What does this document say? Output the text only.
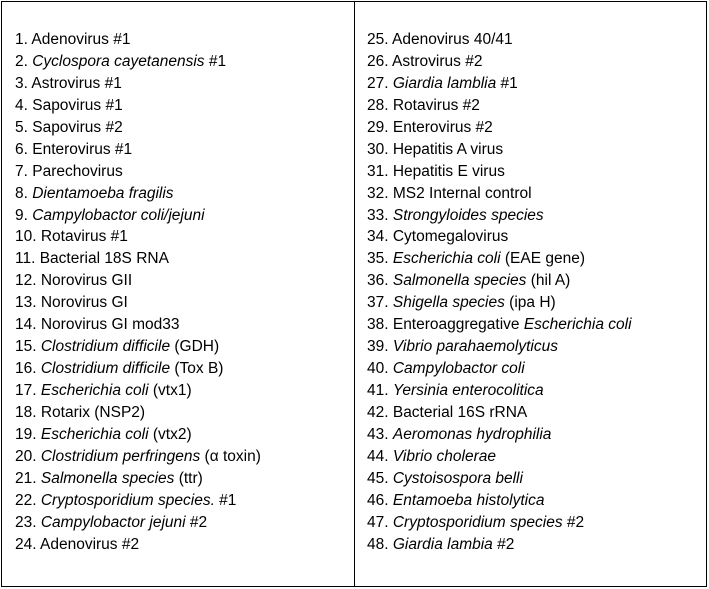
1. Adenovirus #1
2. Cyclospora cayetanensis #1
3. Astrovirus #1
4. Sapovirus #1
5. Sapovirus #2
6. Enterovirus #1
7. Parechovirus
8. Dientamoeba fragilis
9. Campylobactor coli/jejuni
10. Rotavirus #1
11. Bacterial 18S RNA
12. Norovirus GII
13. Norovirus GI
14. Norovirus GI mod33
15. Clostridium difficile (GDH)
16. Clostridium difficile (Tox B)
17. Escherichia coli (vtx1)
18. Rotarix (NSP2)
19. Escherichia coli (vtx2)
20. Clostridium perfringens (α toxin)
21. Salmonella species (ttr)
22. Cryptosporidium species. #1
23. Campylobactor jejuni #2
24. Adenovirus #2
25. Adenovirus 40/41
26. Astrovirus #2
27. Giardia lamblia #1
28. Rotavirus #2
29. Enterovirus #2
30. Hepatitis A virus
31. Hepatitis E virus
32. MS2 Internal control
33. Strongyloides species
34. Cytomegalovirus
35. Escherichia coli (EAE gene)
36. Salmonella species (hil A)
37. Shigella species (ipa H)
38. Enteroaggregative Escherichia coli
39. Vibrio parahaemolyticus
40. Campylobactor coli
41. Yersinia enterocolitica
42. Bacterial 16S rRNA
43. Aeromonas hydrophilia
44. Vibrio cholerae
45. Cystoisospora belli
46. Entamoeba histolytica
47. Cryptosporidium species #2
48. Giardia lambia #2
